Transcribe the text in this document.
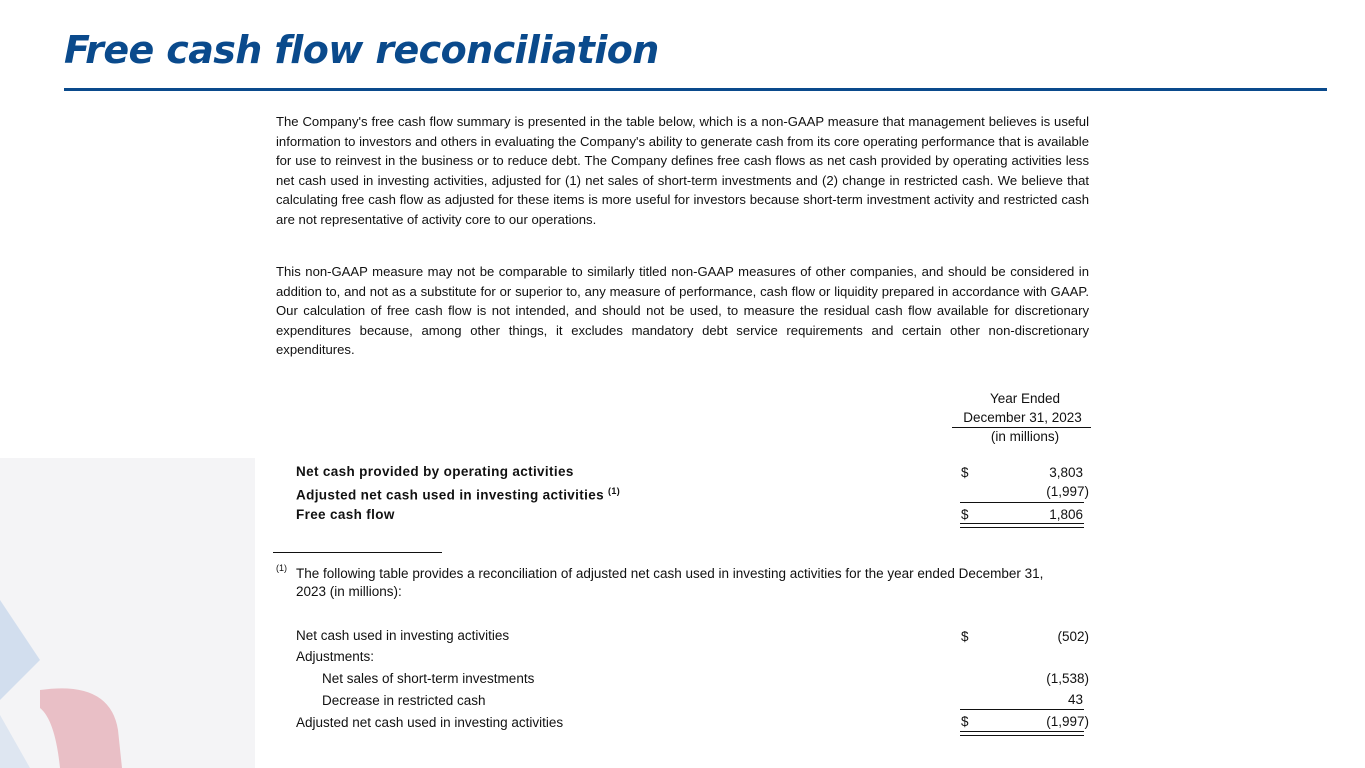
Free cash flow reconciliation

The Company's free cash flow summary is presented in the table below, which is a non-GAAP measure that management believes is useful information to investors and others in evaluating the Company's ability to generate cash from its core operating performance that is available for use to reinvest in the business or to reduce debt. The Company defines free cash flows as net cash provided by operating activities less net cash used in investing activities, adjusted for (1) net sales of short-term investments and (2) change in restricted cash. We believe that calculating free cash flow as adjusted for these items is more useful for investors because short-term investment activity and restricted cash are not representative of activity core to our operations.

This non-GAAP measure may not be comparable to similarly titled non-GAAP measures of other companies, and should be considered in addition to, and not as a substitute for or superior to, any measure of performance, cash flow or liquidity prepared in accordance with GAAP. Our calculation of free cash flow is not intended, and should not be used, to measure the residual cash flow available for discretionary expenditures because, among other things, it excludes mandatory debt service requirements and certain other non-discretionary expenditures.

Year Ended
December 31, 2023
(in millions)
Net cash provided by operating activities	$	3,803
Adjusted net cash used in investing activities $^{(1)}$	(1,997)
Free cash flow	$	1,806
(1) The following table provides a reconciliation of adjusted net cash used in investing activities for the year ended December 31,
2023 (in millions):
Net cash used in investing activities	$	(502)
Adjustments:
Net sales of short-term investments	(1,538)
Decrease in restricted cash	43
Adjusted net cash used in investing activities	$	(1,997)
